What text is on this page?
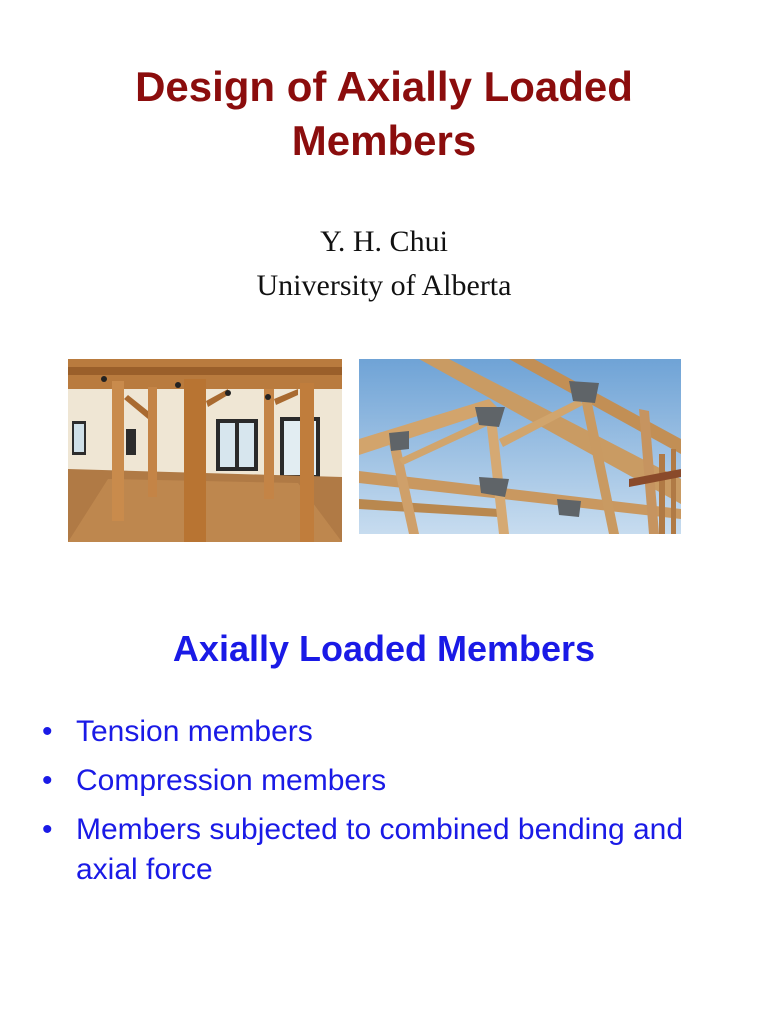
Design of Axially Loaded
Members
Y. H. Chui
University of Alberta
Axially Loaded Members
• Tension members
• Compression members
• Members subjected to combined bending and axial force
